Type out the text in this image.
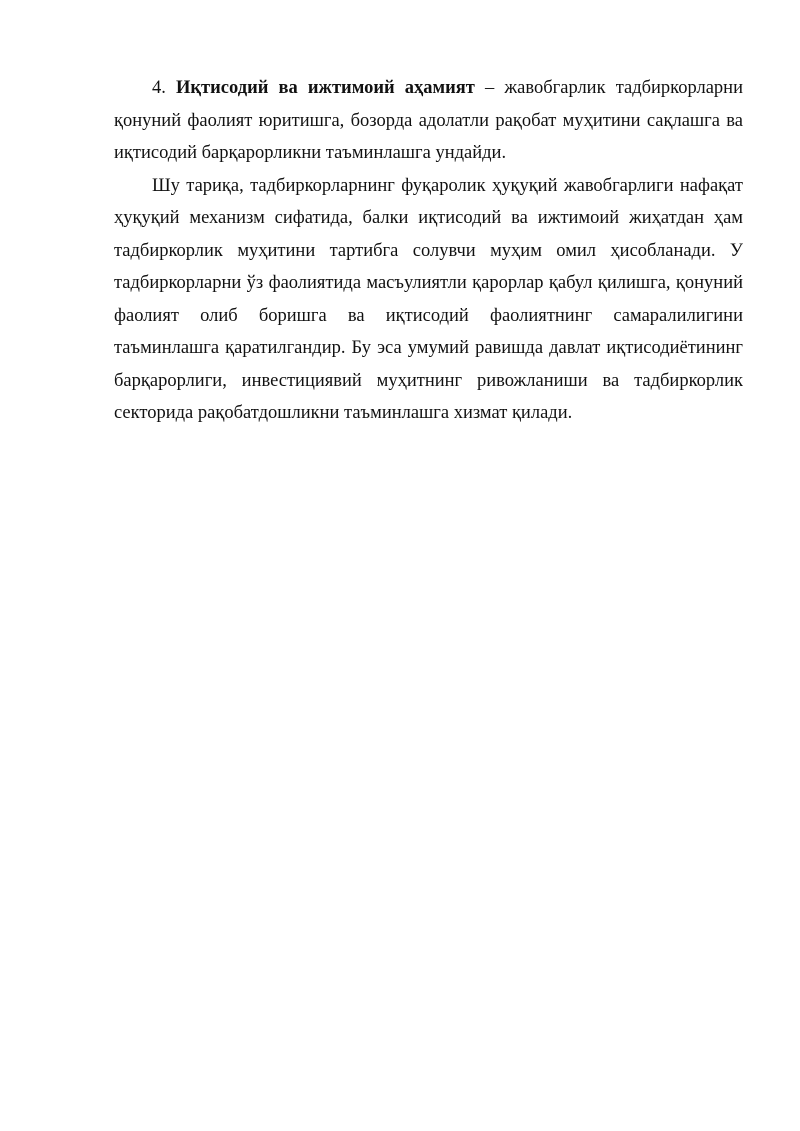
4. Иқтисодий ва ижтимоий аҳамият – жавобгарлик тадбиркорларни қонуний фаолият юритишга, бозорда адолатли рақобат муҳитини сақлашга ва иқтисодий барқарорликни таъминлашга ундайди.

Шу тариқа, тадбиркорларнинг фуқаролик ҳуқуқий жавобгарлиги нафақат ҳуқуқий механизм сифатида, балки иқтисодий ва ижтимоий жиҳатдан ҳам тадбиркорлик муҳитини тартибга солувчи муҳим омил ҳисобланади. У тадбиркорларни ўз фаолиятида масъулиятли қарорлар қабул қилишга, қонуний фаолият олиб боришга ва иқтисодий фаолиятнинг самаралилигини таъминлашга қаратилгандир. Бу эса умумий равишда давлат иқтисодиётининг барқарорлиги, инвестициявий муҳитнинг ривожланиши ва тадбиркорлик секторида рақобатдошликни таъминлашга хизмат қилади.
